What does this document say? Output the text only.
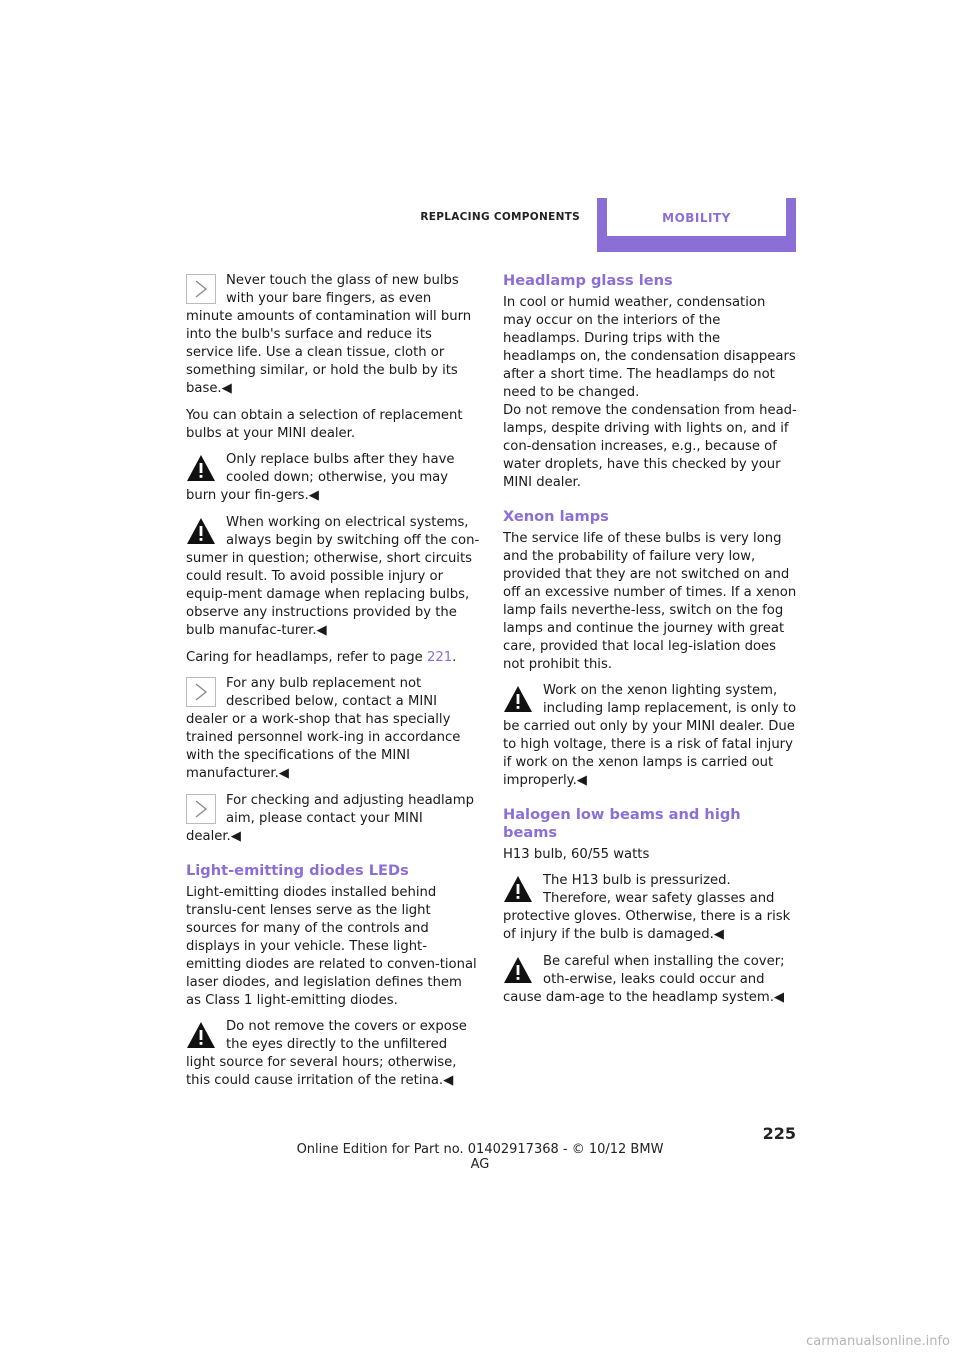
REPLACING COMPONENTS	MOBILITY
Never touch the glass of new bulbs with your bare fingers, as even minute amounts of contamination will burn into the bulb's surface and reduce its service life. Use a clean tissue, cloth or something similar, or hold the bulb by its base.◀

You can obtain a selection of replacement bulbs at your MINI dealer.

Only replace bulbs after they have cooled down; otherwise, you may burn your fin-gers.◀
When working on electrical systems, always begin by switching off the con-sumer in question; otherwise, short circuits could result. To avoid possible injury or equip-ment damage when replacing bulbs, observe any instructions provided by the bulb manufac-turer.◀

Caring for headlamps, refer to page 221.

For any bulb replacement not described below, contact a MINI dealer or a work-shop that has specially trained personnel work-ing in accordance with the specifications of the MINI manufacturer.◀
For checking and adjusting headlamp aim, please contact your MINI dealer.◀
Light-emitting diodes LEDs

Light-emitting diodes installed behind translu-cent lenses serve as the light sources for many of the controls and displays in your vehicle. These light-emitting diodes are related to conven-tional laser diodes, and legislation defines them as Class 1 light-emitting diodes.

Do not remove the covers or expose the eyes directly to the unfiltered light source for several hours; otherwise, this could cause irritation of the retina.◀
Headlamp glass lens

In cool or humid weather, condensation may occur on the interiors of the headlamps. During trips with the headlamps on, the condensation disappears after a short time. The headlamps do not need to be changed.

Do not remove the condensation from head-lamps, despite driving with lights on, and if con-densation increases, e.g., because of water droplets, have this checked by your MINI dealer.

Xenon lamps

The service life of these bulbs is very long and the probability of failure very low, provided that they are not switched on and off an excessive number of times. If a xenon lamp fails neverthe-less, switch on the fog lamps and continue the journey with great care, provided that local leg-islation does not prohibit this.

Work on the xenon lighting system, including lamp replacement, is only to be carried out only by your MINI dealer. Due to high voltage, there is a risk of fatal injury if work on the xenon lamps is carried out improperly.◀
Halogen low beams and high beams

H13 bulb, 60/55 watts

The H13 bulb is pressurized. Therefore, wear safety glasses and protective gloves. Otherwise, there is a risk of injury if the bulb is damaged.◀
Be careful when installing the cover; oth-erwise, leaks could occur and cause dam-age to the headlamp system.◀
225
Online Edition for Part no. 01402917368 - © 10/12 BMW AG
carmanualsonline.info
